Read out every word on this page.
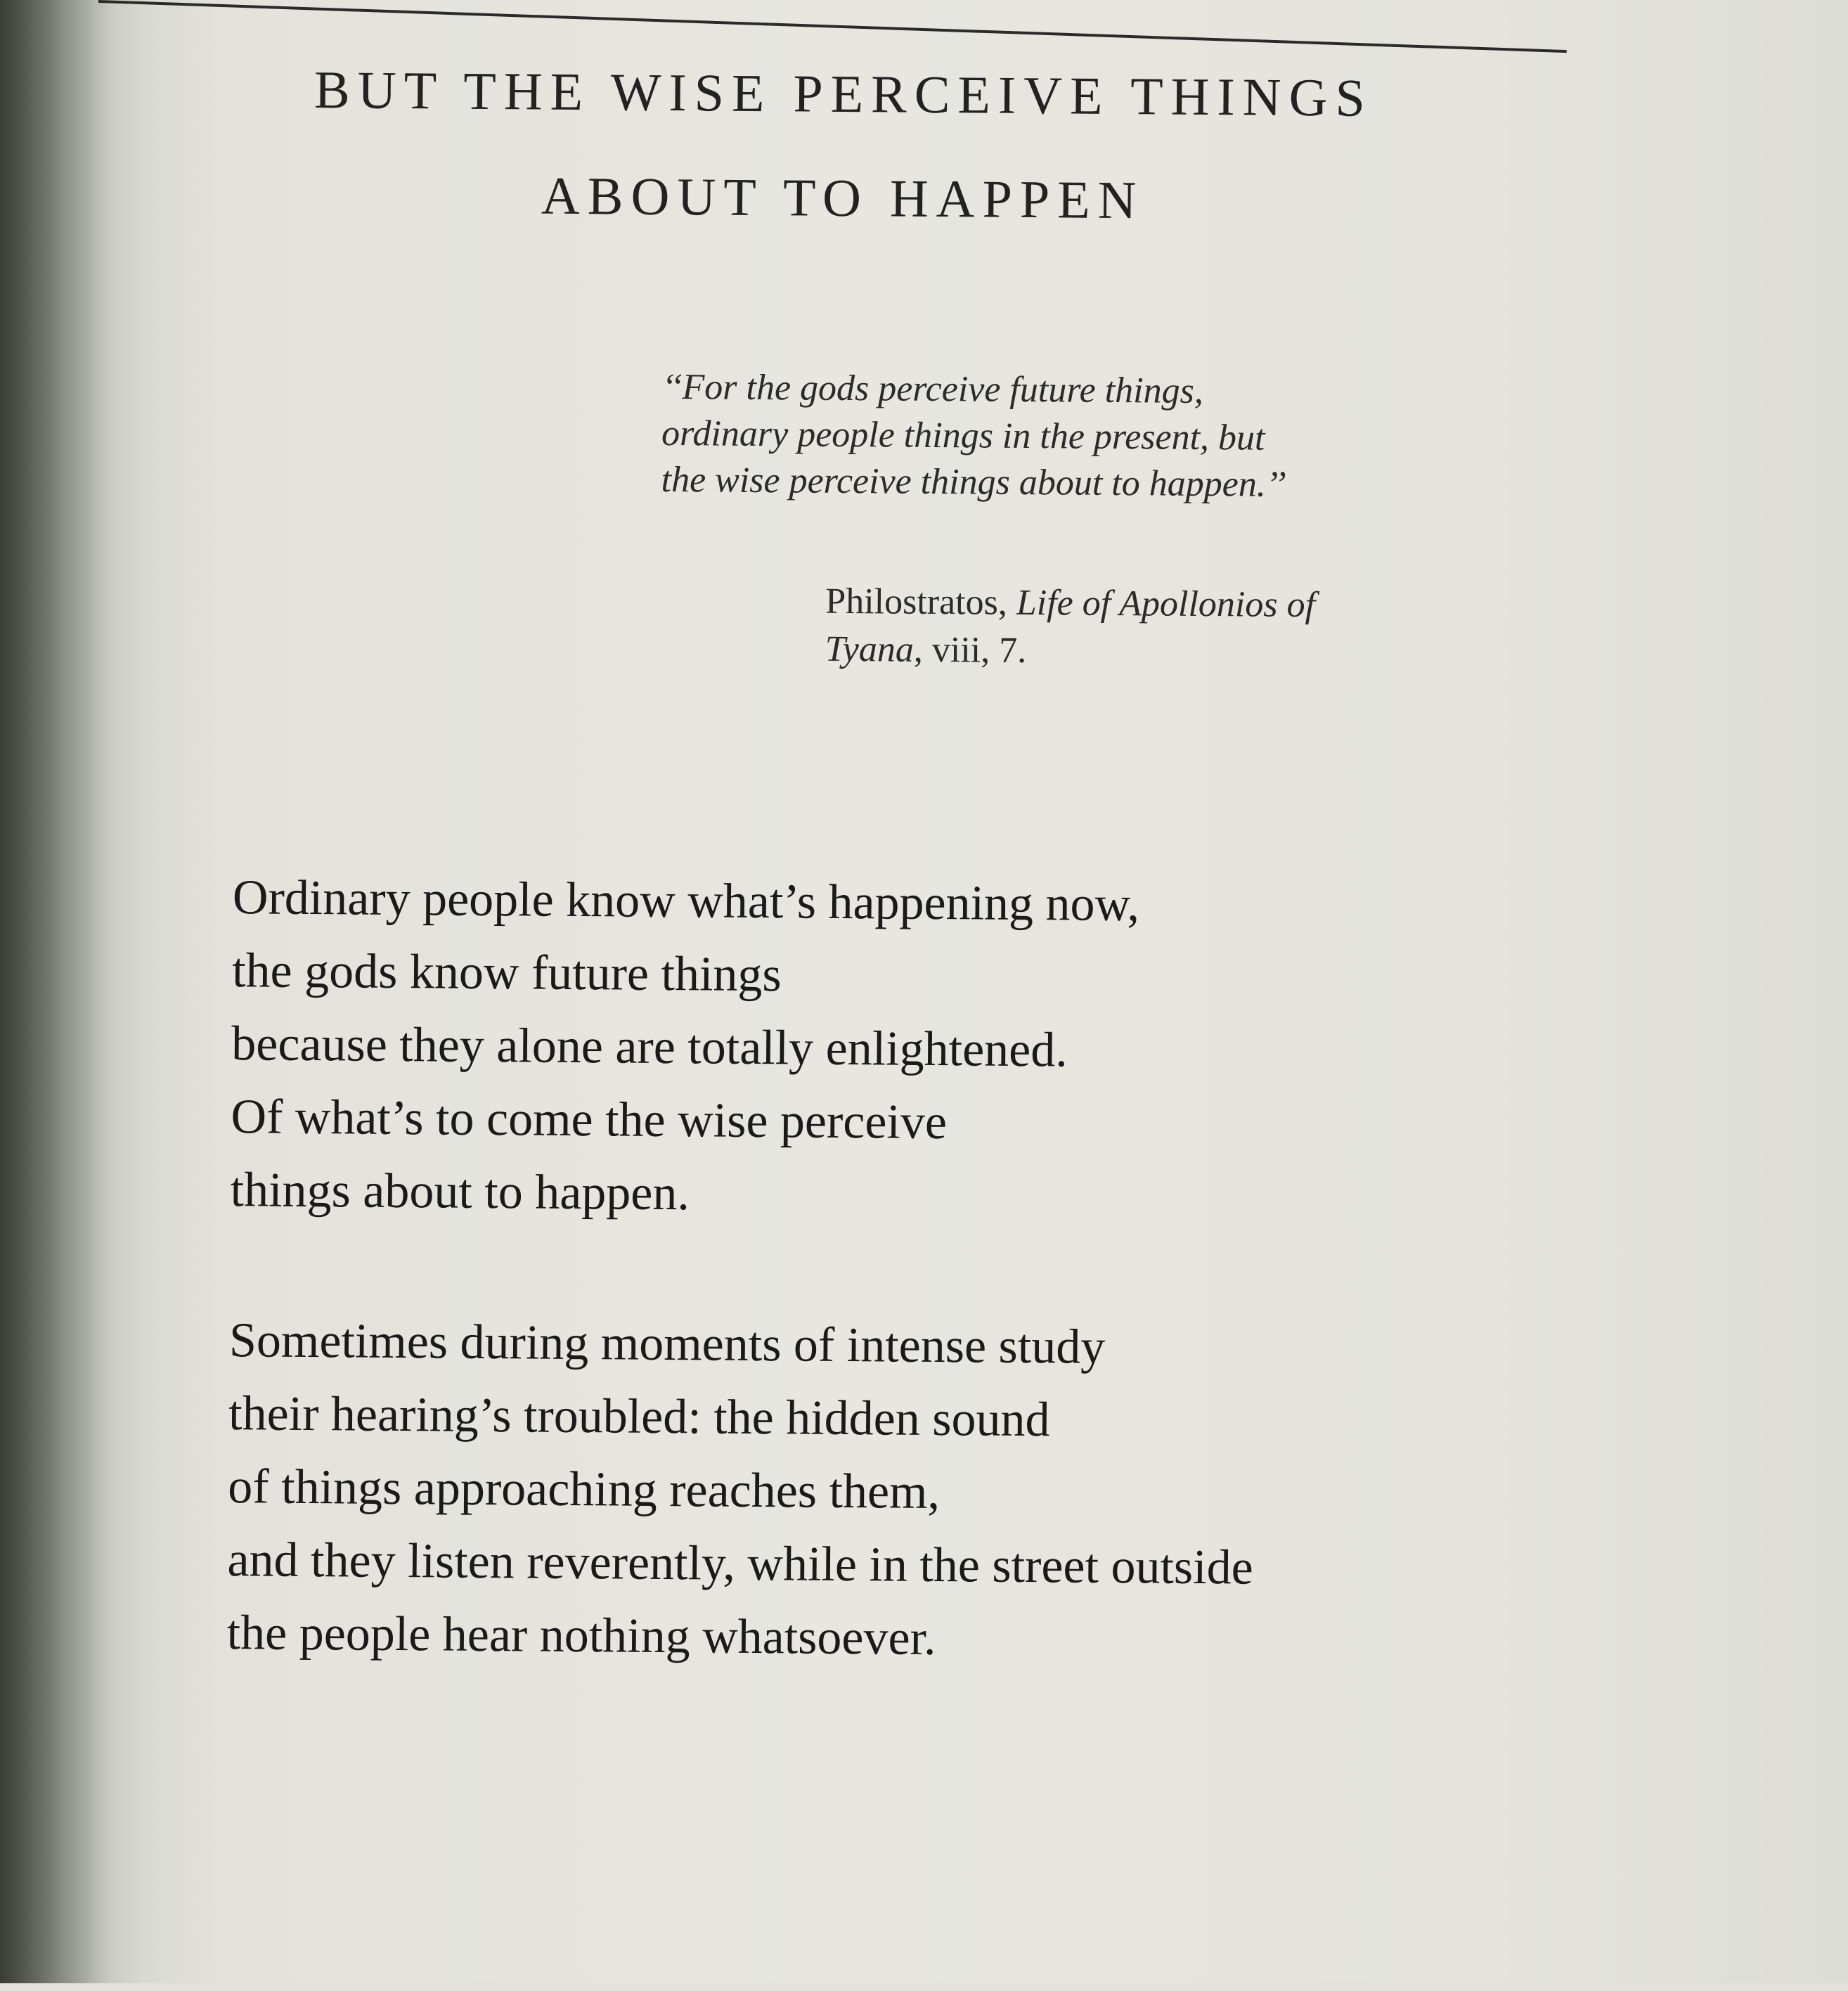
BUT THE WISE PERCEIVE THINGS
ABOUT TO HAPPEN

‘‘For the gods perceive future things,
ordinary people things in the present, but
the wise perceive things about to happen.’’

Philostratos, Life of Apollonios of
Tyana, viii, 7.

Ordinary people know what’s happening now,
the gods know future things
because they alone are totally enlightened.
Of what’s to come the wise perceive
things about to happen.

Sometimes during moments of intense study
their hearing’s troubled: the hidden sound
of things approaching reaches them,
and they listen reverently, while in the street outside
the people hear nothing whatsoever.
